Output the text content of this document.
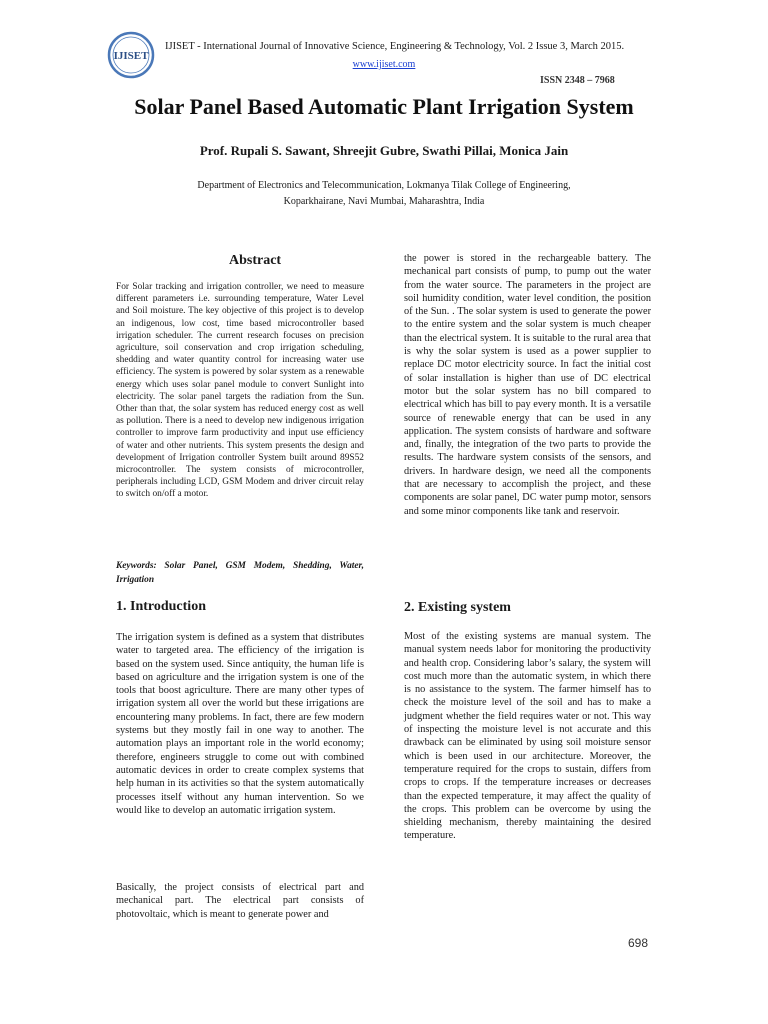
IJISET
IJISET - International Journal of Innovative Science, Engineering & Technology, Vol. 2 Issue 3, March 2015.
www.ijiset.com
ISSN 2348 – 7968
Solar Panel Based Automatic Plant Irrigation System
Prof. Rupali S. Sawant, Shreejit Gubre, Swathi Pillai, Monica Jain
Department of Electronics and Telecommunication, Lokmanya Tilak College of Engineering,
Koparkhairane, Navi Mumbai, Maharashtra, India
Abstract

For Solar tracking and irrigation controller, we need to measure different parameters i.e. surrounding temperature, Water Level and Soil moisture. The key objective of this project is to develop an indigenous, low cost, time based microcontroller based irrigation scheduler. The current research focuses on precision agriculture, soil conservation and crop irrigation scheduling, shedding and water quantity control for increasing water use efficiency. The system is powered by solar system as a renewable energy which uses solar panel module to convert Sunlight into electricity. The solar panel targets the radiation from the Sun. Other than that, the solar system has reduced energy cost as well as pollution. There is a need to develop new indigenous irrigation controller to improve farm productivity and input use efficiency of water and other nutrients. This system presents the design and development of Irrigation controller System built around 89S52 microcontroller. The system consists of microcontroller, peripherals including LCD, GSM Modem and driver circuit relay to switch on/off a motor.

Keywords: Solar Panel, GSM Modem, Shedding, Water, Irrigation
1. Introduction

The irrigation system is defined as a system that distributes water to targeted area. The efficiency of the irrigation is based on the system used. Since antiquity, the human life is based on agriculture and the irrigation system is one of the tools that boost agriculture. There are many other types of irrigation system all over the world but these irrigations are encountering many problems. In fact, there are few modern systems but they mostly fail in one way to another. The automation plays an important role in the world economy; therefore, engineers struggle to come out with combined automatic devices in order to create complex systems that help human in its activities so that the system automatically processes itself without any human intervention. So we would like to develop an automatic irrigation system.

Basically, the project consists of electrical part and mechanical part. The electrical part consists of photovoltaic, which is meant to generate power and

the power is stored in the rechargeable battery. The mechanical part consists of pump, to pump out the water from the water source. The parameters in the project are soil humidity condition, water level condition, the position of the Sun. . The solar system is used to generate the power to the entire system and the solar system is much cheaper than the electrical system. It is suitable to the rural area that is why the solar system is used as a power supplier to replace DC motor electricity source. In fact the initial cost of solar installation is higher than use of DC electrical motor but the solar system has no bill compared to electrical which has bill to pay every month. It is a versatile source of renewable energy that can be used in any application. The system consists of hardware and software and, finally, the integration of the two parts to provide the results. The hardware system consists of the sensors, and drivers. In hardware design, we need all the components that are necessary to accomplish the project, and these components are solar panel, DC water pump motor, sensors and some minor components like tank and reservoir.

2. Existing system

Most of the existing systems are manual system. The manual system needs labor for monitoring the productivity and health crop. Considering labor’s salary, the system will cost much more than the automatic system, in which there is no assistance to the system. The farmer himself has to check the moisture level of the soil and has to make a judgment whether the field requires water or not. This way of inspecting the moisture level is not accurate and this drawback can be eliminated by using soil moisture sensor which is been used in our architecture. Moreover, the temperature required for the crops to sustain, differs from crops to crops. If the temperature increases or decreases than the expected temperature, it may affect the quality of the crops. This problem can be overcome by using the shielding mechanism, thereby maintaining the desired temperature.

698
